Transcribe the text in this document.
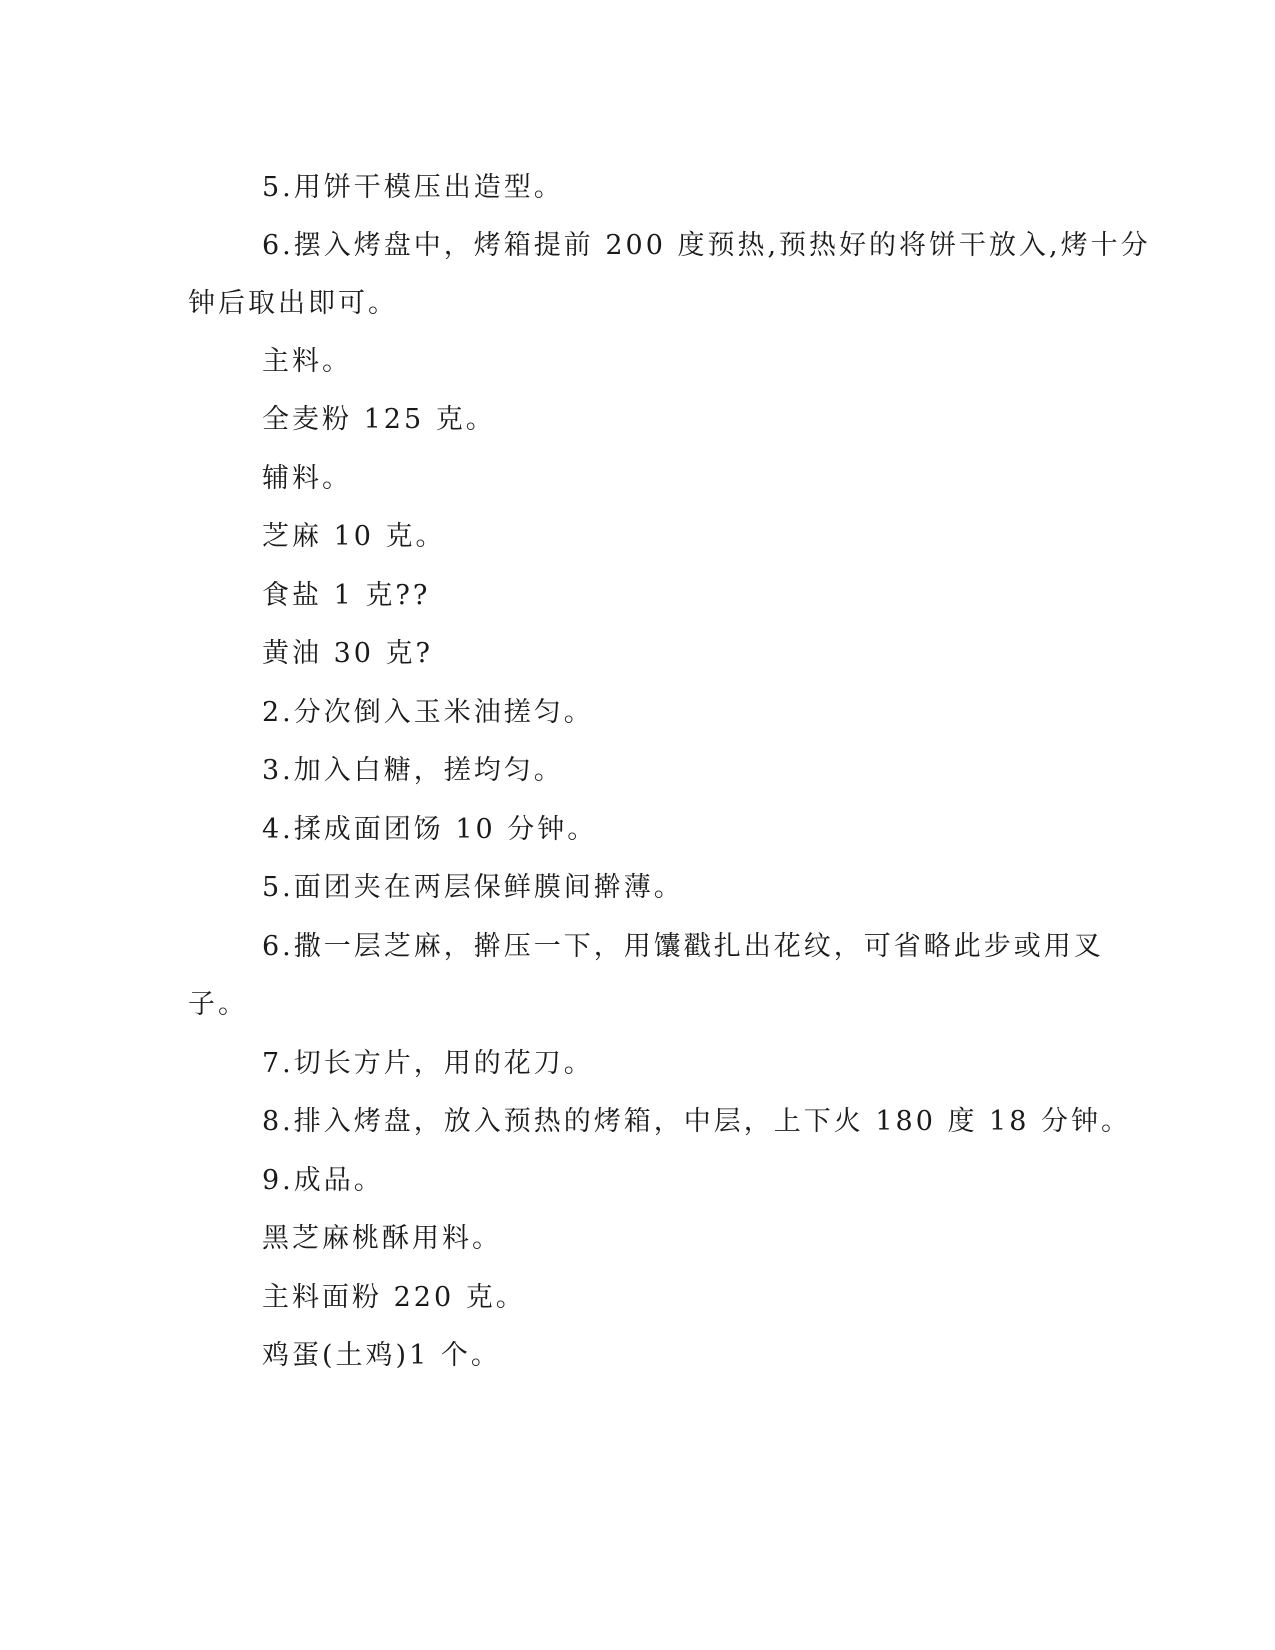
5.用饼干模压出造型。
6.摆入烤盘中，烤箱提前 200 度预热,预热好的将饼干放入,烤十分
钟后取出即可。
主料。
全麦粉 125 克。
辅料。
芝麻 10 克。
食盐 1 克??
黄油 30 克?
2.分次倒入玉米油搓匀。
3.加入白糖，搓均匀。
4.揉成面团饧 10 分钟。
5.面团夹在两层保鲜膜间擀薄。
6.撒一层芝麻，擀压一下，用馕戳扎出花纹，可省略此步或用叉
子。
7.切长方片，用的花刀。
8.排入烤盘，放入预热的烤箱，中层，上下火 180 度 18 分钟。
9.成品。
黑芝麻桃酥用料。
主料面粉 220 克。
鸡蛋(土鸡)1 个。
